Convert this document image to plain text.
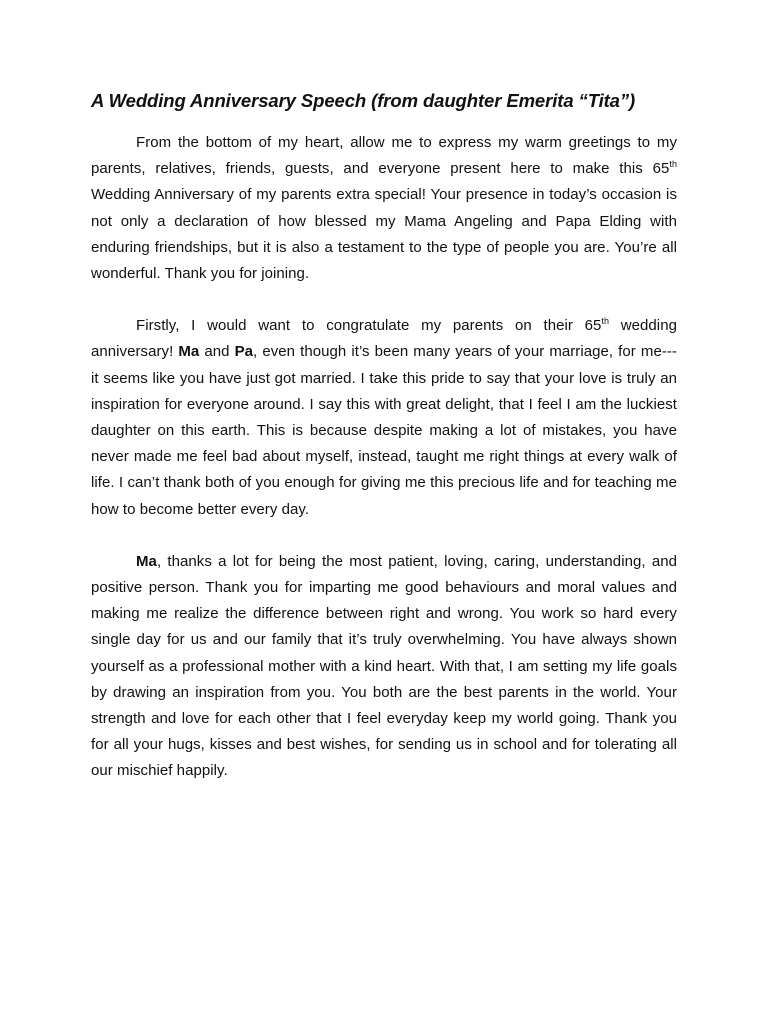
A Wedding Anniversary Speech (from daughter Emerita “Tita”)

From the bottom of my heart, allow me to express my warm greetings to my parents, relatives, friends, guests, and everyone present here to make this 65th Wedding Anniversary of my parents extra special! Your presence in today’s occasion is not only a declaration of how blessed my Mama Angeling and Papa Elding with enduring friendships, but it is also a testament to the type of people you are. You’re all wonderful. Thank you for joining.

Firstly, I would want to congratulate my parents on their 65th wedding anniversary! Ma and Pa, even though it’s been many years of your marriage, for me--- it seems like you have just got married. I take this pride to say that your love is truly an inspiration for everyone around. I say this with great delight, that I feel I am the luckiest daughter on this earth. This is because despite making a lot of mistakes, you have never made me feel bad about myself, instead, taught me right things at every walk of life. I can’t thank both of you enough for giving me this precious life and for teaching me how to become better every day.

Ma, thanks a lot for being the most patient, loving, caring, understanding, and positive person. Thank you for imparting me good behaviours and moral values and making me realize the difference between right and wrong. You work so hard every single day for us and our family that it’s truly overwhelming. You have always shown yourself as a professional mother with a kind heart. With that, I am setting my life goals by drawing an inspiration from you. You both are the best parents in the world. Your strength and love for each other that I feel everyday keep my world going. Thank you for all your hugs, kisses and best wishes, for sending us in school and for tolerating all our mischief happily.
